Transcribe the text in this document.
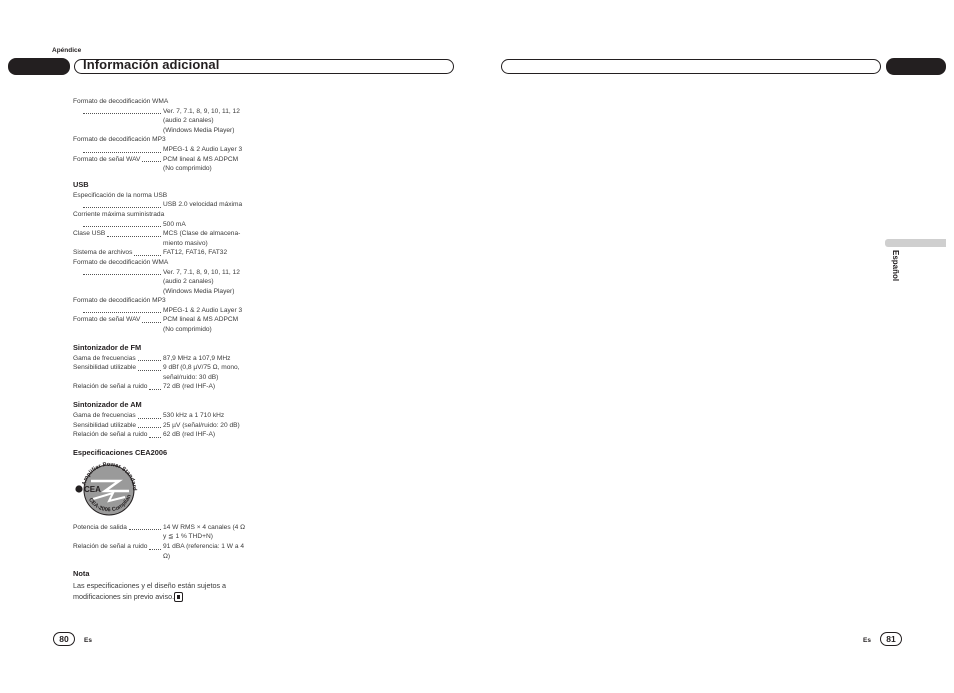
Apéndice
Información adicional
Formato de decodificación WMA
Ver. 7, 7.1, 8, 9, 10, 11, 12
(audio 2 canales)
(Windows Media Player)
Formato de decodificación MP3
MPEG-1 & 2 Audio Layer 3
Formato de señal WAV	PCM lineal & MS ADPCM
(No comprimido)
USB
Especificación de la norma USB
USB 2.0 velocidad máxima
Corriente máxima suministrada
500 mA
Clase USB	MCS (Clase de almacena-
miento masivo)
Sistema de archivos	FAT12, FAT16, FAT32
Formato de decodificación WMA
Ver. 7, 7.1, 8, 9, 10, 11, 12
(audio 2 canales)
(Windows Media Player)
Formato de decodificación MP3
MPEG-1 & 2 Audio Layer 3
Formato de señal WAV	PCM lineal & MS ADPCM
(No comprimido)
Sintonizador de FM
Gama de frecuencias	87,9 MHz a 107,9 MHz
Sensibilidad utilizable	9 dBf (0,8 µV/75 Ω, mono,
señal/ruido: 30 dB)
Relación de señal a ruido 72 dB (red IHF-A)
Sintonizador de AM
Gama de frecuencias	530 kHz a 1 710 kHz
Sensibilidad utilizable	25 µV (señal/ruido: 20 dB)
Relación de señal a ruido 62 dB (red IHF-A)
Especificaciones CEA2006
Amplifier Power Standard
CEA-2006 Complian
CEA
Potencia de salida	14 W RMS × 4 canales (4 Ω
y ≦ 1 % THD+N)
Relación de señal a ruido 91 dBA (referencia: 1 W a 4
Ω)
Nota
Las especificaciones y el diseño están sujetos a
modificaciones sin previo aviso.
Español
80	Es	Es	81
